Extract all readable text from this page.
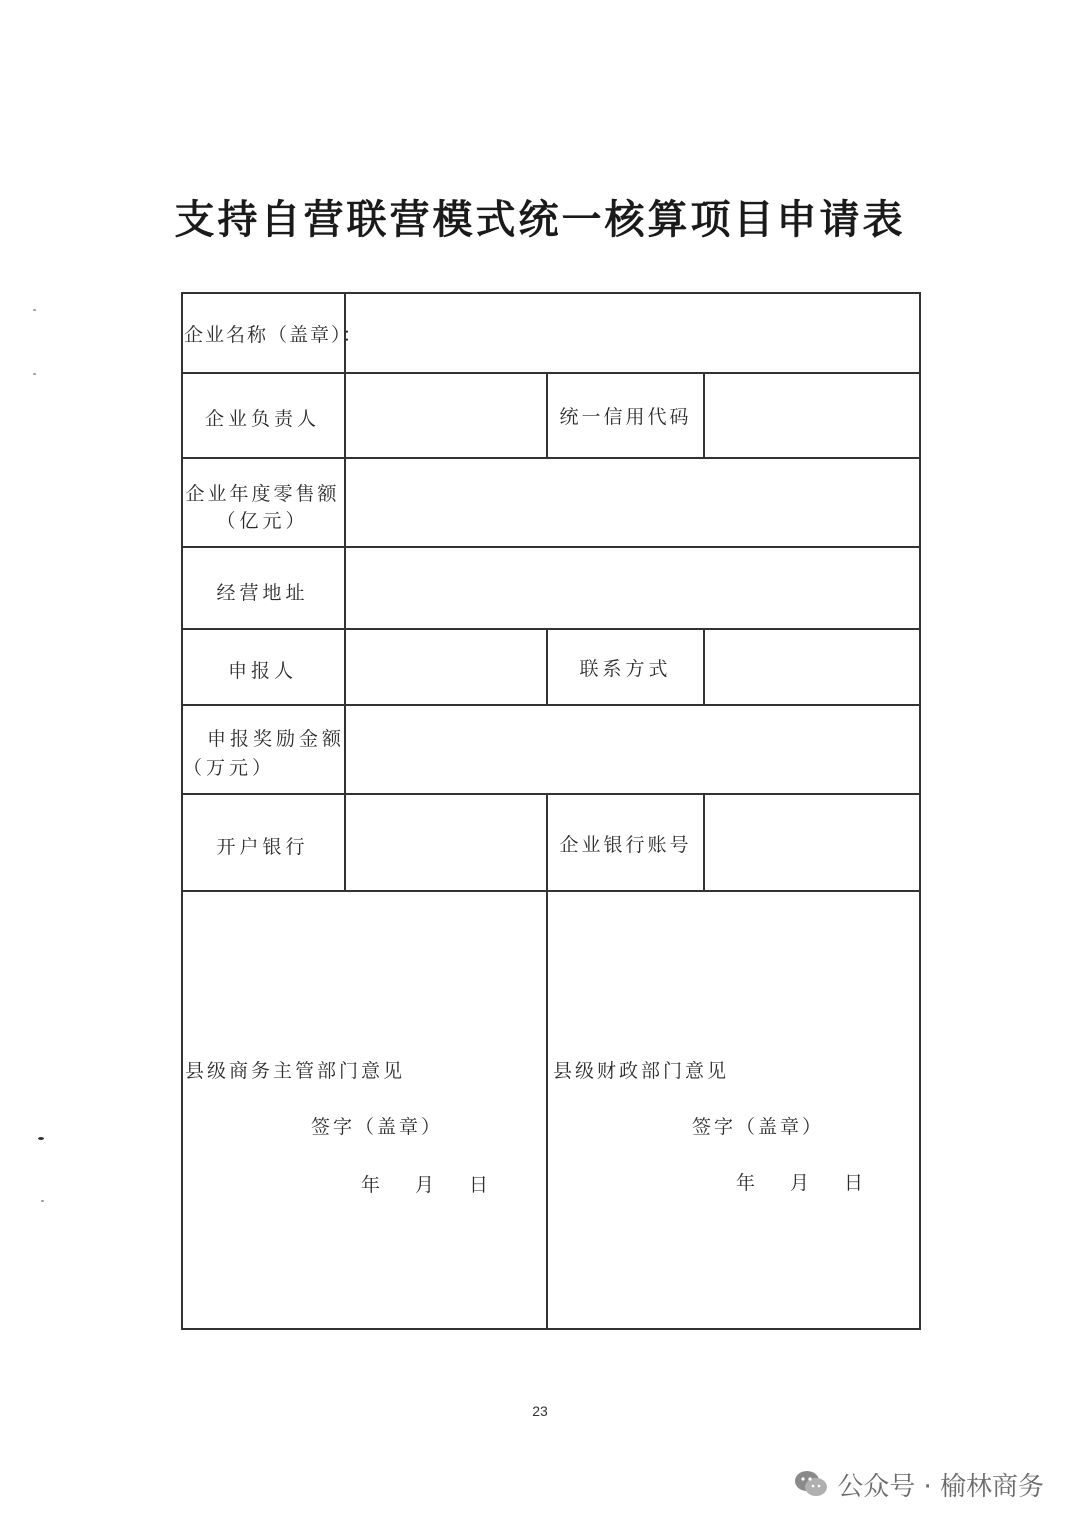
支持自营联营模式统一核算项目申请表
企业名称（盖章）：
企业负责人	统一信用代码
企业年度零售额
（亿元）
经营地址
申报人	联系方式
申报奖励金额
（万元）
开户银行	企业银行账号
县级商务主管部门意见
签字（盖章）
年　月　日
县级财政部门意见
签字（盖章）
年　月　日
23
公众号 · 榆林商务
